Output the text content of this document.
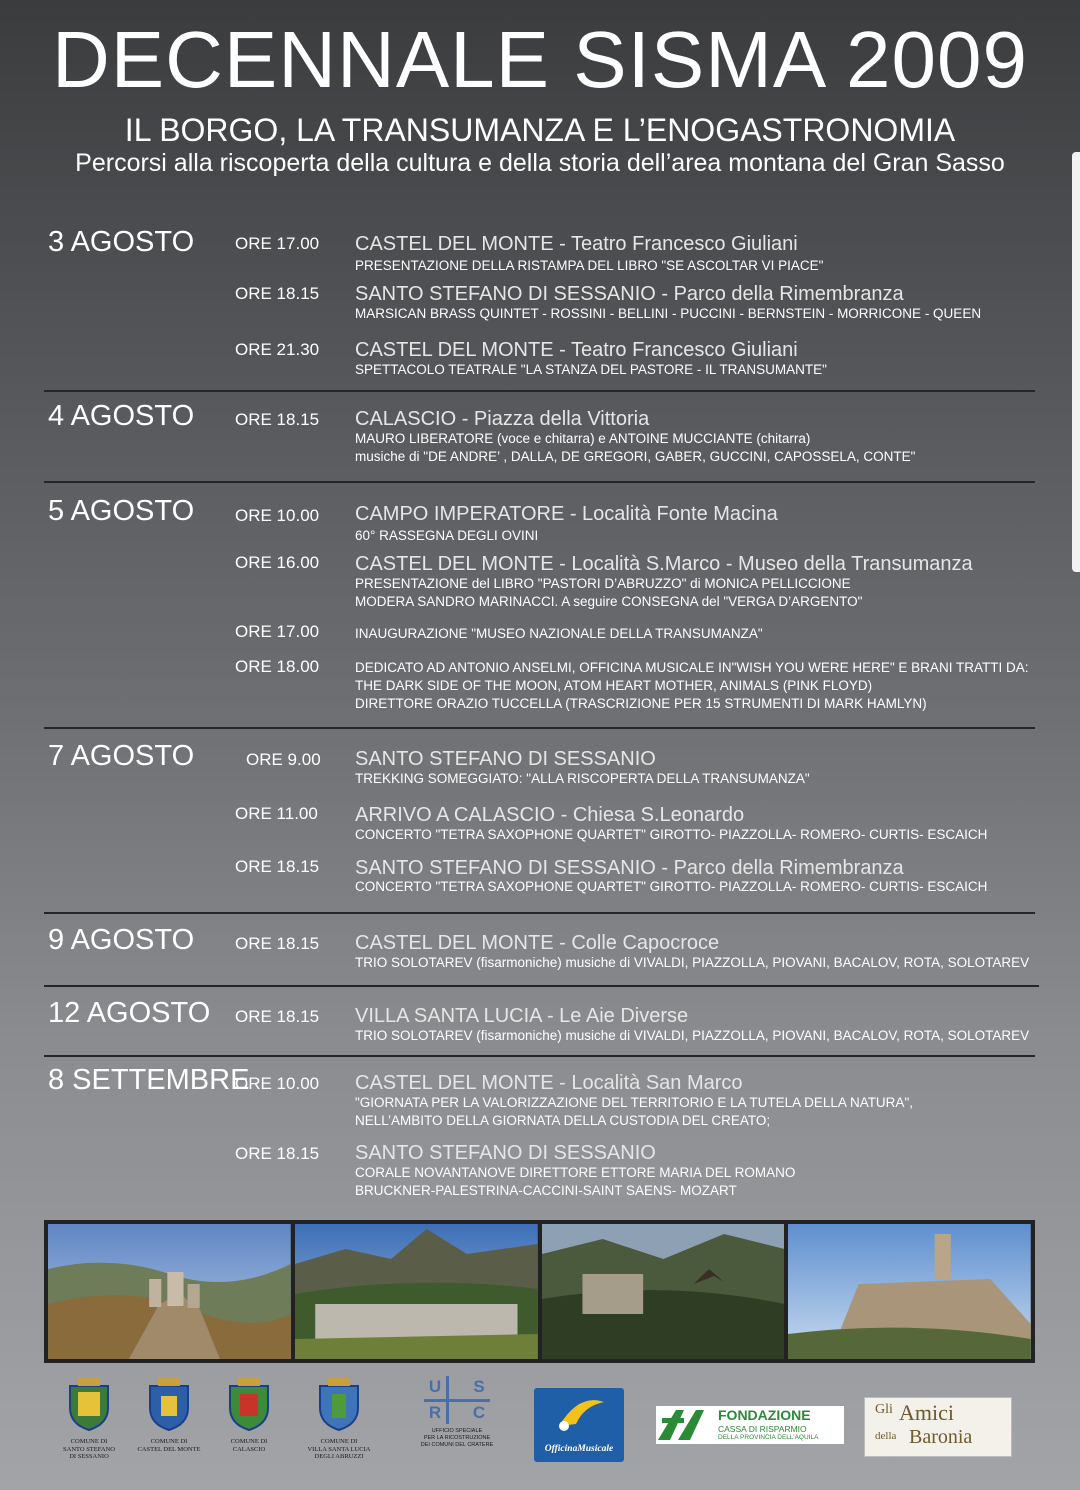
DECENNALE SISMA 2009
IL BORGO, LA TRANSUMANZA E L’ENOGASTRONOMIA
Percorsi alla riscoperta della cultura e della storia dell’area montana del Gran Sasso
3 AGOSTO ORE 17.00 CASTEL DEL MONTE - Teatro Francesco Giuliani
PRESENTAZIONE DELLA RISTAMPA DEL LIBRO "SE ASCOLTAR VI PIACE"
ORE 18.15 SANTO STEFANO DI SESSANIO - Parco della Rimembranza
MARSICAN BRASS QUINTET - ROSSINI - BELLINI - PUCCINI - BERNSTEIN - MORRICONE - QUEEN
ORE 21.30 CASTEL DEL MONTE - Teatro Francesco Giuliani
SPETTACOLO TEATRALE "LA STANZA DEL PASTORE - IL TRANSUMANTE"
4 AGOSTO ORE 18.15 CALASCIO - Piazza della Vittoria
MAURO LIBERATORE (voce e chitarra) e ANTOINE MUCCIANTE (chitarra)
musiche di "DE ANDRE’ , DALLA, DE GREGORI, GABER, GUCCINI, CAPOSSELA, CONTE"
5 AGOSTO ORE 10.00 CAMPO IMPERATORE - Località Fonte Macina
60° RASSEGNA DEGLI OVINI
ORE 16.00 CASTEL DEL MONTE - Località S.Marco - Museo della Transumanza
PRESENTAZIONE del LIBRO "PASTORI D’ABRUZZO" di MONICA PELLICCIONE
MODERA SANDRO MARINACCI. A seguire CONSEGNA del "VERGA D’ARGENTO"
ORE 17.00	INAUGURAZIONE "MUSEO NAZIONALE DELLA TRANSUMANZA"
ORE 18.00	DEDICATO AD ANTONIO ANSELMI, OFFICINA MUSICALE IN"WISH YOU WERE HERE" E BRANI TRATTI DA:
THE DARK SIDE OF THE MOON, ATOM HEART MOTHER, ANIMALS (PINK FLOYD)
DIRETTORE ORAZIO TUCCELLA (TRASCRIZIONE PER 15 STRUMENTI DI MARK HAMLYN)
7 AGOSTO	ORE 9.00 SANTO STEFANO DI SESSANIO
TREKKING SOMEGGIATO: "ALLA RISCOPERTA DELLA TRANSUMANZA"
ORE 11.00 ARRIVO A CALASCIO - Chiesa S.Leonardo
CONCERTO "TETRA SAXOPHONE QUARTET" GIROTTO- PIAZZOLLA- ROMERO- CURTIS- ESCAICH
ORE 18.15 SANTO STEFANO DI SESSANIO - Parco della Rimembranza
CONCERTO "TETRA SAXOPHONE QUARTET" GIROTTO- PIAZZOLLA- ROMERO- CURTIS- ESCAICH
9 AGOSTO ORE 18.15 CASTEL DEL MONTE - Colle Capocroce
TRIO SOLOTAREV (fisarmoniche) musiche di VIVALDI, PIAZZOLLA, PIOVANI, BACALOV, ROTA, SOLOTAREV
12 AGOSTO ORE 18.15 VILLA SANTA LUCIA - Le Aie Diverse
TRIO SOLOTAREV (fisarmoniche) musiche di VIVALDI, PIAZZOLLA, PIOVANI, BACALOV, ROTA, SOLOTAREV
8 SETTEMBRE
ORE 10.00 CASTEL DEL MONTE - Località San Marco
"GIORNATA PER LA VALORIZZAZIONE DEL TERRITORIO E LA TUTELA DELLA NATURA",
NELL’AMBITO DELLA GIORNATA DELLA CUSTODIA DEL CREATO;
ORE 18.15 SANTO STEFANO DI SESSANIO
CORALE NOVANTANOVE DIRETTORE ETTORE MARIA DEL ROMANO
BRUCKNER-PALESTRINA-CACCINI-SAINT SAENS- MOZART
COMUNE DI
SANTO STEFANO
DI SESSANIO
COMUNE DI
CASTEL DEL MONTE
COMUNE DI
CALASCIO
COMUNE DI
VILLA SANTA LUCIA
DEGLI ABRUZZI
U	S
R C
UFFICIO SPECIALE
PER LA RICOSTRUZIONE
DEI COMUNI DEL CRATERE	OfficinaMusicale
FONDAZIONE
CASSA DI RISPARMIO
DELLA PROVINCIA DELL’AQUILA
Gli Amici
della Baronia
